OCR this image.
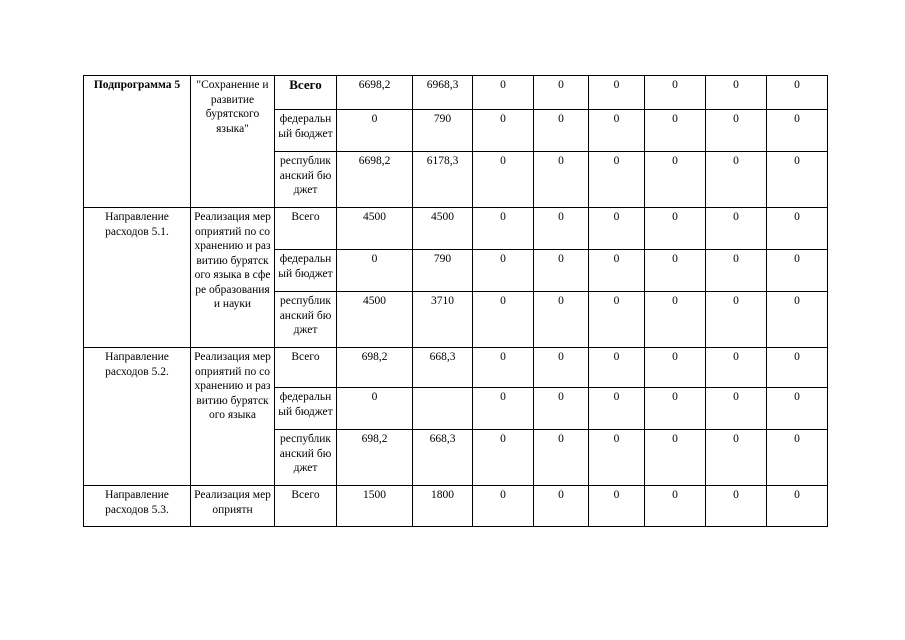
Подпрограмма 5	"Сохранение и развитие бурятского языка"	Всего	6698,2	6968,3	0	0	0	0	0	0
		федеральный бюджет	0	790	0	0	0	0	0	0
		республиканский бюджет	6698,2	6178,3	0	0	0	0	0	0
Направление расходов 5.1.	Реализация мероприятий по сохранению и развитию бурятского языка в сфере образования и науки	Всего	4500	4500	0	0	0	0	0	0
		федеральный бюджет	0	790	0	0	0	0	0	0
		республиканский бюджет	4500	3710	0	0	0	0	0	0
Направление расходов 5.2.	Реализация мероприятий по сохранению и развитию бурятского языка	Всего	698,2	668,3	0	0	0	0	0	0
		федеральный бюджет	0		0	0	0	0	0	0
		республиканский бюджет	698,2	668,3	0	0	0	0	0	0
Направление расходов 5.3.	Реализация мероприятн	Всего	1500	1800	0	0	0	0	0	0
